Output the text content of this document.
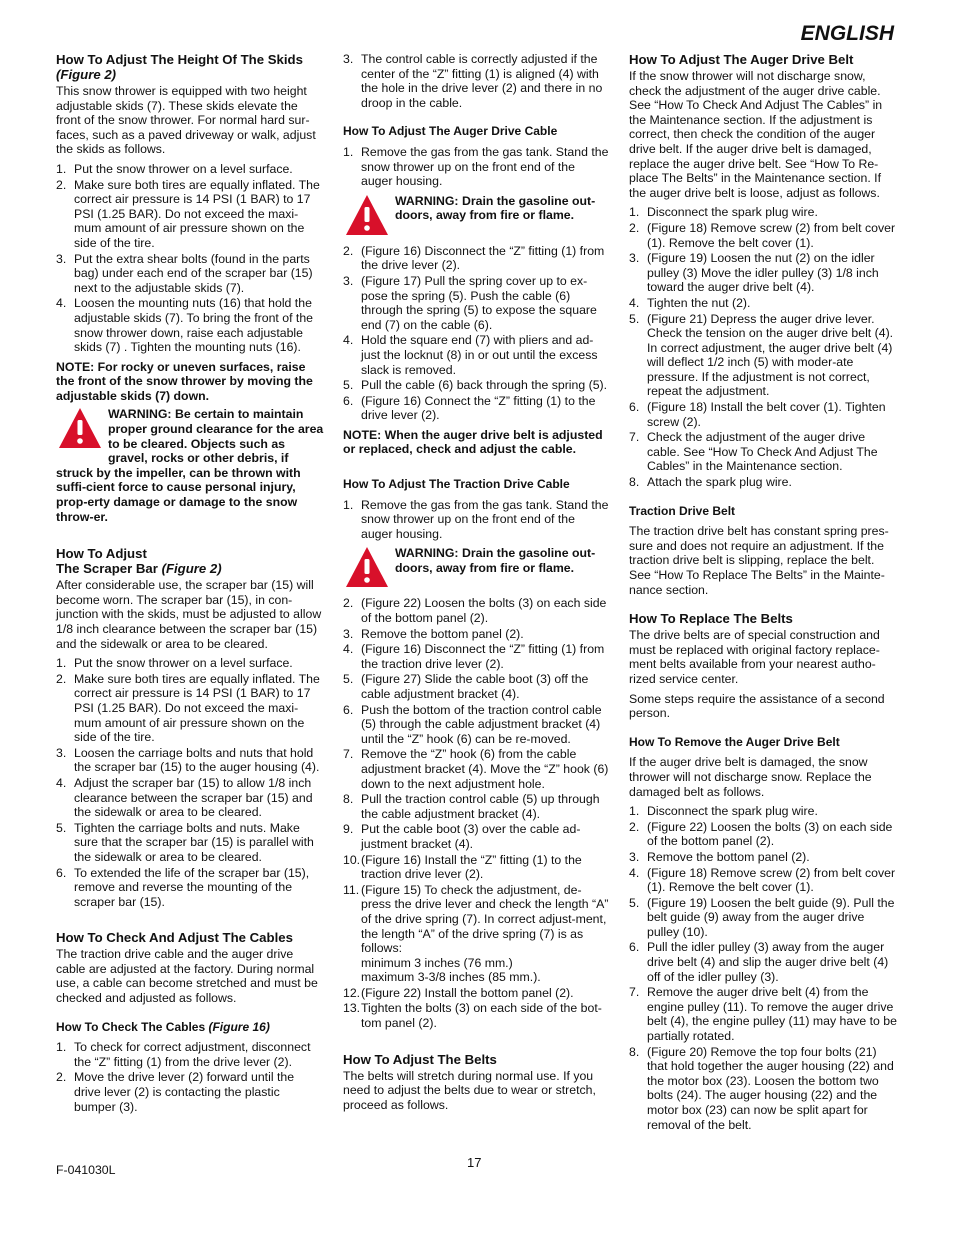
ENGLISH
How To Adjust The Height Of The Skids
(Figure 2)
This snow thrower is equipped with two height adjustable skids (7). These skids elevate the front of the snow thrower. For normal hard sur-faces, such as a paved driveway or walk, adjust the skids as follows.
1. Put the snow thrower on a level surface.
2. Make sure both tires are equally inflated. The correct air pressure is 14 PSI (1 BAR) to 17 PSI (1.25 BAR). Do not exceed the maxi-mum amount of air pressure shown on the side of the tire.
3. Put the extra shear bolts (found in the parts bag) under each end of the scraper bar (15) next to the adjustable skids (7).
4. Loosen the mounting nuts (16) that hold the adjustable skids (7). To bring the front of the snow thrower down, raise each adjustable skids (7) . Tighten the mounting nuts (16).
NOTE: For rocky or uneven surfaces, raise the front of the snow thrower by moving the adjustable skids (7) down.
WARNING: Be certain to maintain proper ground clearance for the area to be cleared. Objects such as gravel, rocks or other debris, if struck by the impeller, can be thrown with suffi-cient force to cause personal injury, prop-erty damage or damage to the snow throw-er.
How To Adjust
The Scraper Bar (Figure 2)
After considerable use, the scraper bar (15) will become worn. The scraper bar (15), in con-junction with the skids, must be adjusted to allow 1/8 inch clearance between the scraper bar (15) and the sidewalk or area to be cleared.
1. Put the snow thrower on a level surface.
2. Make sure both tires are equally inflated. The correct air pressure is 14 PSI (1 BAR) to 17 PSI (1.25 BAR). Do not exceed the maxi-mum amount of air pressure shown on the side of the tire.
3. Loosen the carriage bolts and nuts that hold the scraper bar (15) to the auger housing (4).
4. Adjust the scraper bar (15) to allow 1/8 inch clearance between the scraper bar (15) and the sidewalk or area to be cleared.
5. Tighten the carriage bolts and nuts. Make sure that the scraper bar (15) is parallel with the sidewalk or area to be cleared.
6. To extended the life of the scraper bar (15), remove and reverse the mounting of the scraper bar (15).
How To Check And Adjust The Cables
The traction drive cable and the auger drive cable are adjusted at the factory. During normal use, a cable can become stretched and must be checked and adjusted as follows.
How To Check The Cables (Figure 16)
1. To check for correct adjustment, disconnect the “Z” fitting (1) from the drive lever (2).
2. Move the drive lever (2) forward until the drive lever (2) is contacting the plastic bumper (3).
3. The control cable is correctly adjusted if the center of the “Z” fitting (1) is aligned (4) with the hole in the drive lever (2) and there in no droop in the cable.
How To Adjust The Auger Drive Cable
1. Remove the gas from the gas tank. Stand the snow thrower up on the front end of the auger housing.
WARNING: Drain the gasoline out-doors, away from fire or flame.
2. (Figure 16) Disconnect the “Z” fitting (1) from the drive lever (2).
3. (Figure 17) Pull the spring cover up to ex-pose the spring (5). Push the cable (6) through the spring (5) to expose the square end (7) on the cable (6).
4. Hold the square end (7) with pliers and ad-just the locknut (8) in or out until the excess slack is removed.
5. Pull the cable (6) back through the spring (5).
6. (Figure 16) Connect the “Z” fitting (1) to the drive lever (2).
NOTE: When the auger drive belt is adjusted or replaced, check and adjust the cable.
How To Adjust The Traction Drive Cable
1. Remove the gas from the gas tank. Stand the snow thrower up on the front end of the auger housing.
WARNING: Drain the gasoline out-doors, away from fire or flame.
2. (Figure 22) Loosen the bolts (3) on each side of the bottom panel (2).
3. Remove the bottom panel (2).
4. (Figure 16) Disconnect the “Z” fitting (1) from the traction drive lever (2).
5. (Figure 27) Slide the cable boot (3) off the cable adjustment bracket (4).
6. Push the bottom of the traction control cable (5) through the cable adjustment bracket (4) until the “Z” hook (6) can be re-moved.
7. Remove the “Z” hook (6) from the cable adjustment bracket (4). Move the “Z” hook (6) down to the next adjustment hole.
8. Pull the traction control cable (5) up through the cable adjustment bracket (4).
9. Put the cable boot (3) over the cable ad-justment bracket (4).
10. (Figure 16) Install the “Z” fitting (1) to the traction drive lever (2).
11. (Figure 15) To check the adjustment, de-press the drive lever and check the length “A” of the drive spring (7). In correct adjust-ment, the length “A” of the drive spring (7) is as follows:
minimum 3 inches (76 mm.)
maximum 3-3/8 inches (85 mm.).
12. (Figure 22) Install the bottom panel (2).
13. Tighten the bolts (3) on each side of the bot-tom panel (2).
How To Adjust The Belts
The belts will stretch during normal use. If you need to adjust the belts due to wear or stretch, proceed as follows.
How To Adjust The Auger Drive Belt
If the snow thrower will not discharge snow, check the adjustment of the auger drive cable. See “How To Check And Adjust The Cables” in the Maintenance section. If the adjustment is correct, then check the condition of the auger drive belt. If the auger drive belt is damaged, replace the auger drive belt. See “How To Re-place The Belts” in the Maintenance section. If the auger drive belt is loose, adjust as follows.
1. Disconnect the spark plug wire.
2. (Figure 18) Remove screw (2) from belt cover (1). Remove the belt cover (1).
3. (Figure 19) Loosen the nut (2) on the idler pulley (3) Move the idler pulley (3) 1/8 inch toward the auger drive belt (4).
4. Tighten the nut (2).
5. (Figure 21) Depress the auger drive lever. Check the tension on the auger drive belt (4). In correct adjustment, the auger drive belt (4) will deflect 1/2 inch (5) with moder-ate pressure. If the adjustment is not correct, repeat the adjustment.
6. (Figure 18) Install the belt cover (1). Tighten screw (2).
7. Check the adjustment of the auger drive cable. See “How To Check And Adjust The Cables” in the Maintenance section.
8. Attach the spark plug wire.
Traction Drive Belt
The traction drive belt has constant spring pres-sure and does not require an adjustment. If the traction drive belt is slipping, replace the belt. See “How To Replace The Belts” in the Mainte-nance section.
How To Replace The Belts
The drive belts are of special construction and must be replaced with original factory replace-ment belts available from your nearest autho-rized service center.
Some steps require the assistance of a second person.
How To Remove the Auger Drive Belt
If the auger drive belt is damaged, the snow thrower will not discharge snow. Replace the damaged belt as follows.
1. Disconnect the spark plug wire.
2. (Figure 22) Loosen the bolts (3) on each side of the bottom panel (2).
3. Remove the bottom panel (2).
4. (Figure 18) Remove screw (2) from belt cover (1). Remove the belt cover (1).
5. (Figure 19) Loosen the belt guide (9). Pull the belt guide (9) away from the auger drive pulley (10).
6. Pull the idler pulley (3) away from the auger drive belt (4) and slip the auger drive belt (4) off of the idler pulley (3).
7. Remove the auger drive belt (4) from the engine pulley (11). To remove the auger drive belt (4), the engine pulley (11) may have to be partially rotated.
8. (Figure 20) Remove the top four bolts (21) that hold together the auger housing (22) and the motor box (23). Loosen the bottom two bolts (24). The auger housing (22) and the motor box (23) can now be split apart for removal of the belt.
F-041030L	17
